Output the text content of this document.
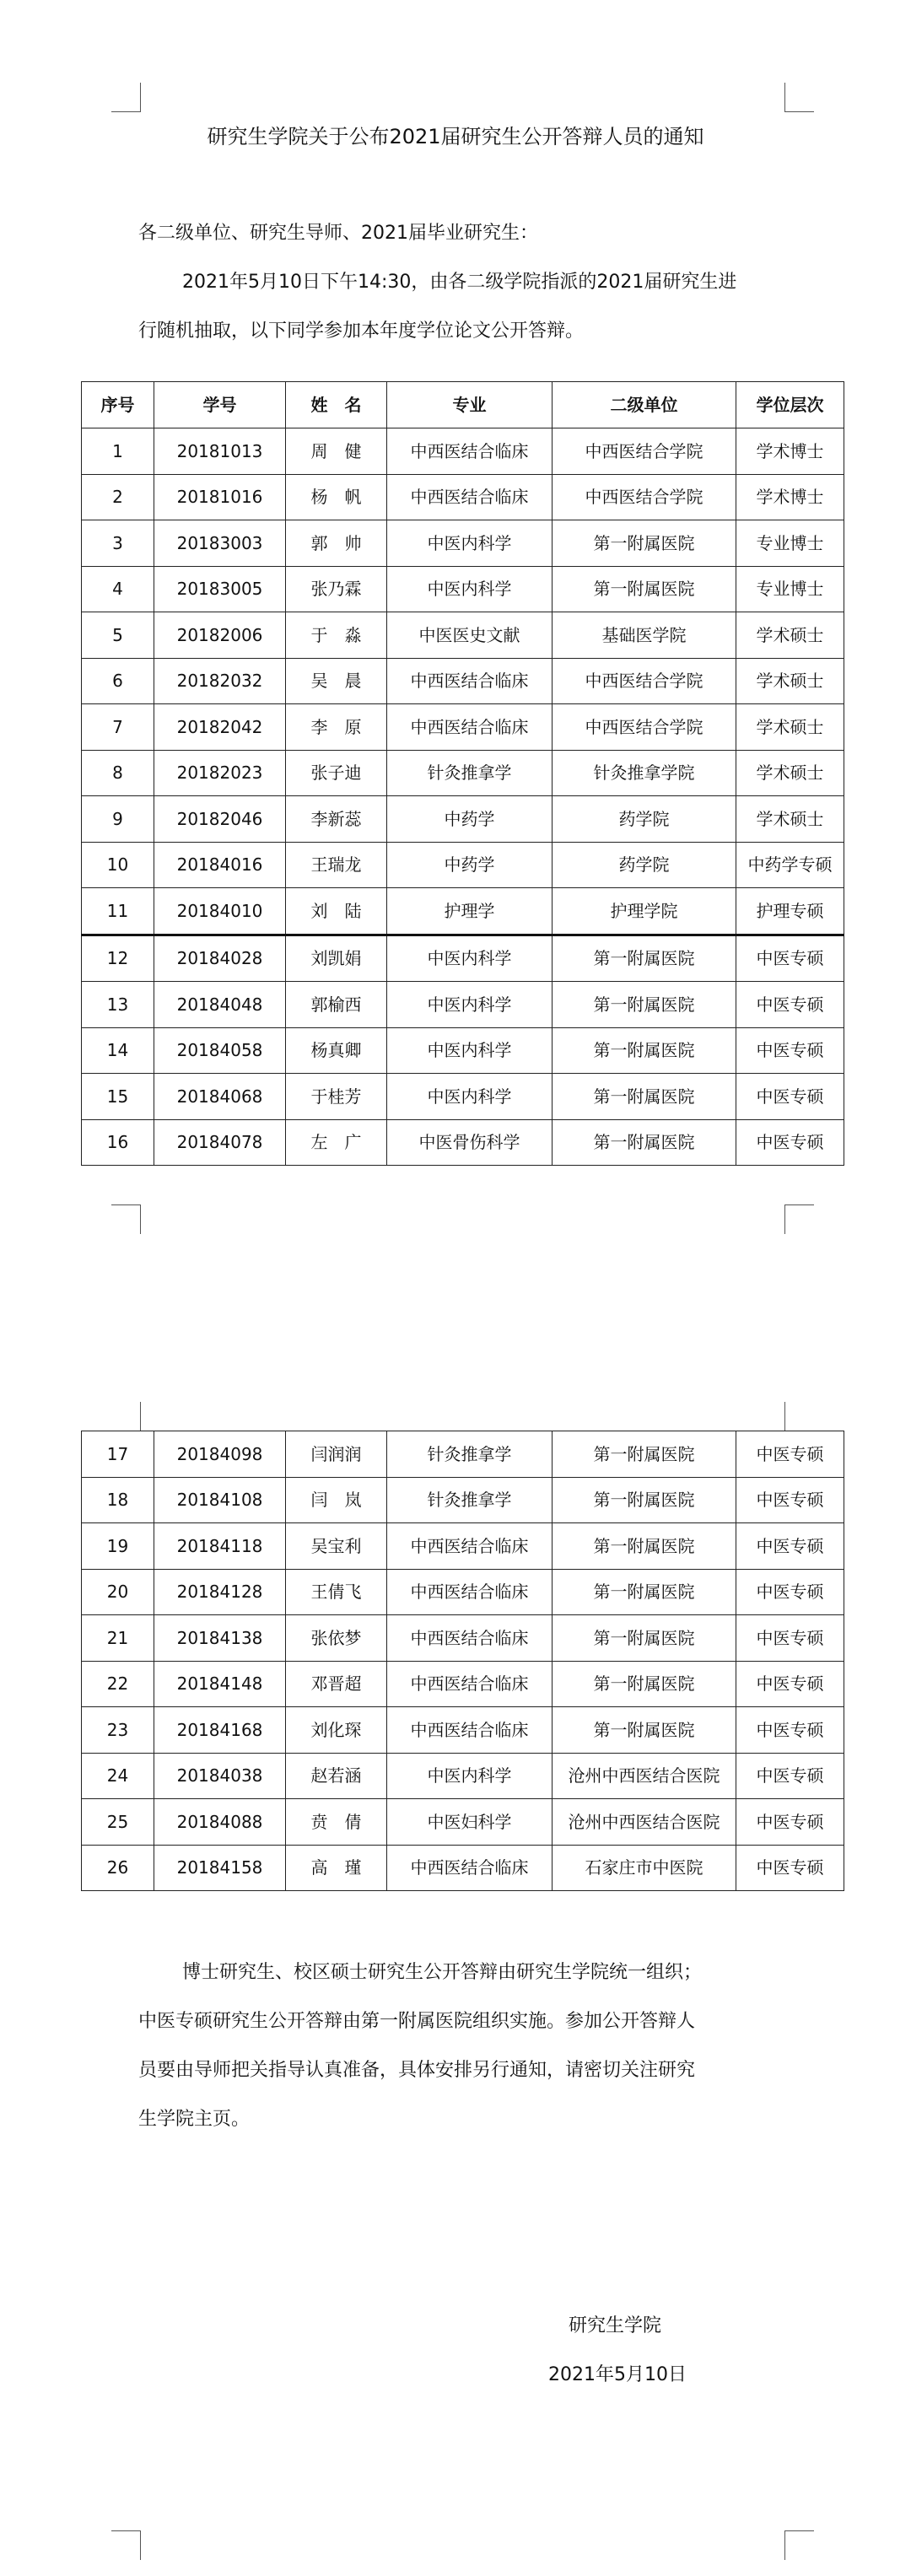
研究生学院关于公布2021届研究生公开答辩人员的通知
各二级单位、研究生导师、2021届毕业研究生：
2021年5月10日下午14:30，由各二级学院指派的2021届研究生进
行随机抽取，以下同学参加本年度学位论文公开答辩。
序号	学号	姓　名	专业	二级单位	学位层次
1	20181013	周　健	中西医结合临床	中西医结合学院	学术博士
2	20181016	杨　帆	中西医结合临床	中西医结合学院	学术博士
3	20183003	郭　帅	中医内科学	第一附属医院	专业博士
4	20183005	张乃霖	中医内科学	第一附属医院	专业博士
5	20182006	于　淼	中医医史文献	基础医学院	学术硕士
6	20182032	吴　晨	中西医结合临床	中西医结合学院	学术硕士
7	20182042	李　原	中西医结合临床	中西医结合学院	学术硕士
8	20182023	张子迪	针灸推拿学	针灸推拿学院	学术硕士
9	20182046	李新蕊	中药学	药学院	学术硕士
10	20184016	王瑞龙	中药学	药学院	中药学专硕
11	20184010	刘　陆	护理学	护理学院	护理专硕
12	20184028	刘凯娟	中医内科学	第一附属医院	中医专硕
13	20184048	郭榆西	中医内科学	第一附属医院	中医专硕
14	20184058	杨真卿	中医内科学	第一附属医院	中医专硕
15	20184068	于桂芳	中医内科学	第一附属医院	中医专硕
16	20184078	左　广	中医骨伤科学	第一附属医院	中医专硕
17	20184098	闫润润	针灸推拿学	第一附属医院	中医专硕
18	20184108	闫　岚	针灸推拿学	第一附属医院	中医专硕
19	20184118	吴宝利	中西医结合临床	第一附属医院	中医专硕
20	20184128	王倩飞	中西医结合临床	第一附属医院	中医专硕
21	20184138	张依梦	中西医结合临床	第一附属医院	中医专硕
22	20184148	邓晋超	中西医结合临床	第一附属医院	中医专硕
23	20184168	刘化琛	中西医结合临床	第一附属医院	中医专硕
24	20184038	赵若涵	中医内科学	沧州中西医结合医院	中医专硕
25	20184088	贲　倩	中医妇科学	沧州中西医结合医院	中医专硕
26	20184158	高　瑾	中西医结合临床	石家庄市中医院	中医专硕
博士研究生、校区硕士研究生公开答辩由研究生学院统一组织；
中医专硕研究生公开答辩由第一附属医院组织实施。参加公开答辩人
员要由导师把关指导认真准备，具体安排另行通知，请密切关注研究
生学院主页。
研究生学院
2021年5月10日
